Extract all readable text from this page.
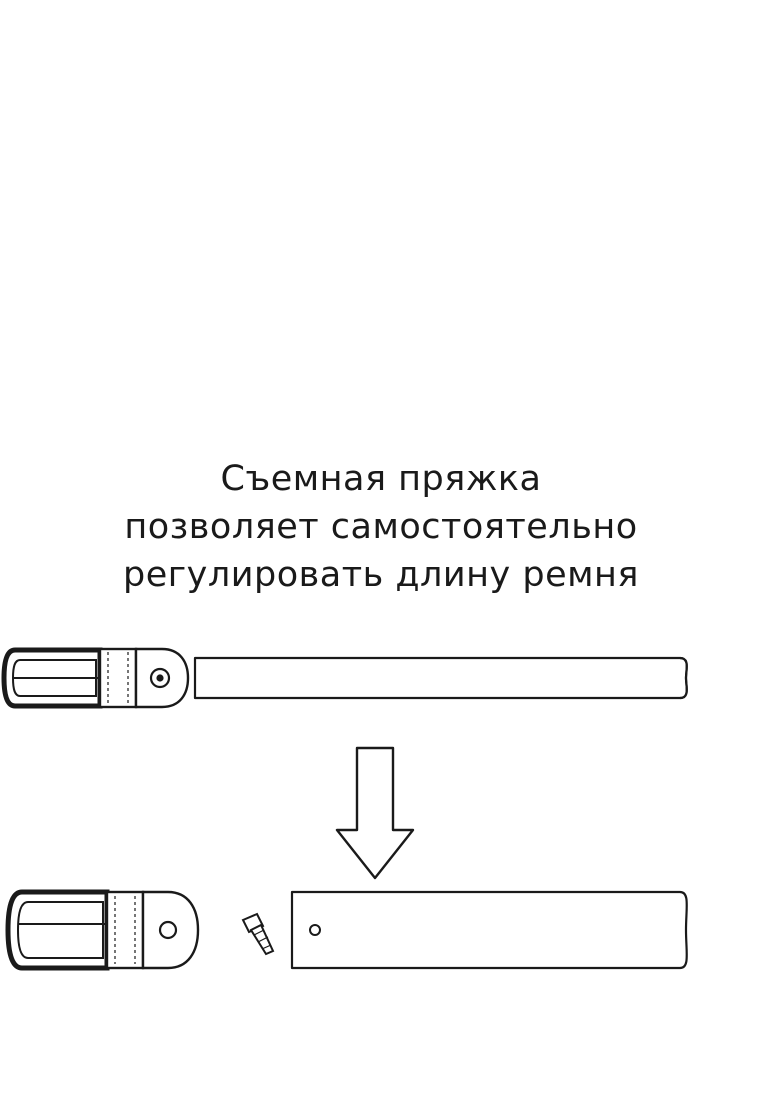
Съемная пряжка
позволяет самостоятельно
регулировать длину ремня
